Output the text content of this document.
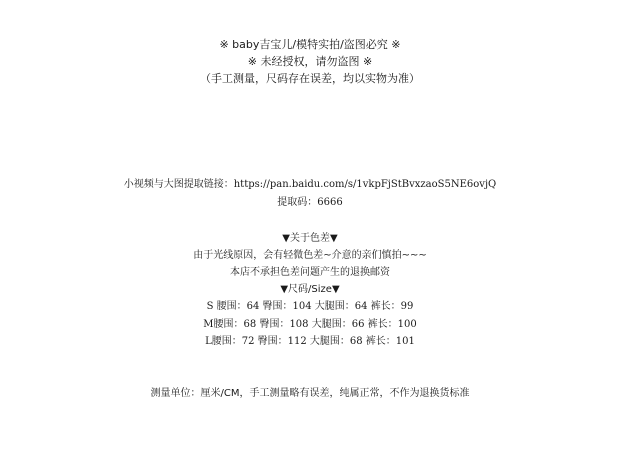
※ baby吉宝儿/模特实拍/盗图必究 ※
※ 未经授权，请勿盗图 ※
（手工测量，尺码存在误差，均以实物为准）
小视频与大图提取链接：https://pan.baidu.com/s/1vkpFjStBvxzaoS5NE6ovjQ
提取码：6666
▼关于色差▼
由于光线原因，会有轻微色差~介意的亲们慎拍~~~
本店不承担色差问题产生的退换邮资
▼尺码/Size▼
S 腰围：64 臀围：104 大腿围：64 裤长：99
M腰围：68 臀围：108 大腿围：66 裤长：100
L腰围：72 臀围：112 大腿围：68 裤长：101
测量单位：厘米/CM，手工测量略有误差，纯属正常，不作为退换货标准
